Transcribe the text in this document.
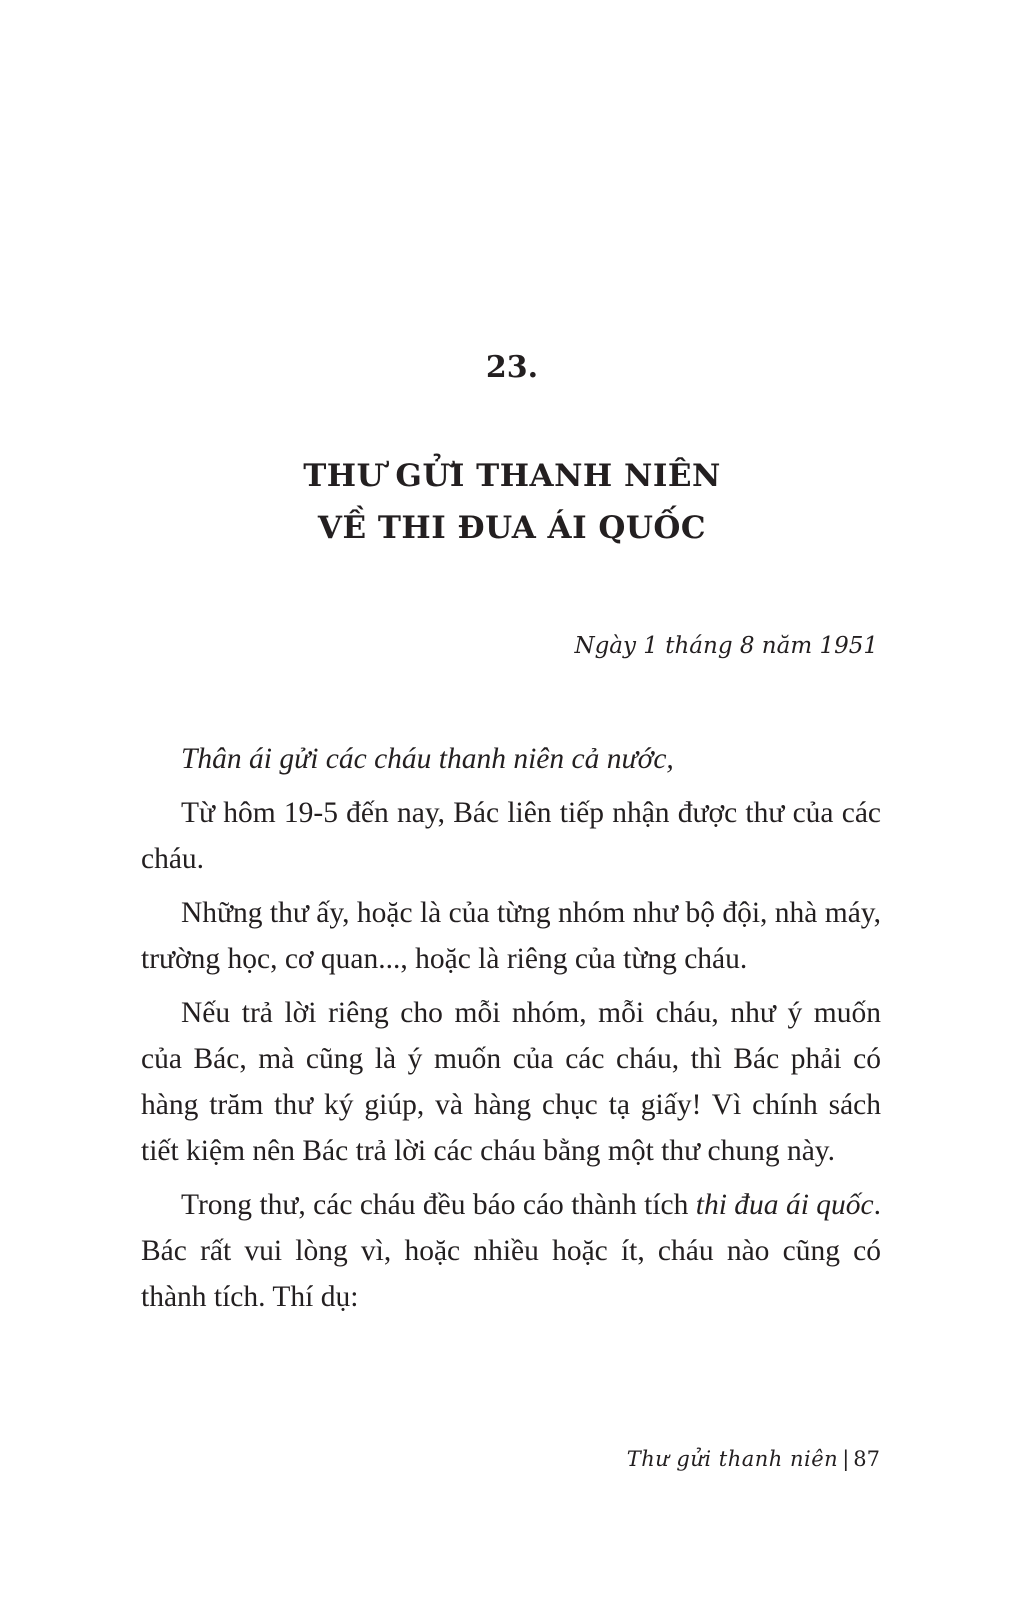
23.
THƯ GỬI THANH NIÊN
VỀ THI ĐUA ÁI QUỐC
Ngày 1 tháng 8 năm 1951

Thân ái gửi các cháu thanh niên cả nước,

Từ hôm 19-5 đến nay, Bác liên tiếp nhận được thư của các cháu.

Những thư ấy, hoặc là của từng nhóm như bộ đội, nhà máy, trường học, cơ quan..., hoặc là riêng của từng cháu.

Nếu trả lời riêng cho mỗi nhóm, mỗi cháu, như ý muốn của Bác, mà cũng là ý muốn của các cháu, thì Bác phải có hàng trăm thư ký giúp, và hàng chục tạ giấy! Vì chính sách tiết kiệm nên Bác trả lời các cháu bằng một thư chung này.

Trong thư, các cháu đều báo cáo thành tích thi đua ái quốc. Bác rất vui lòng vì, hoặc nhiều hoặc ít, cháu nào cũng có thành tích. Thí dụ:

Thư gửi thanh niên | 87
